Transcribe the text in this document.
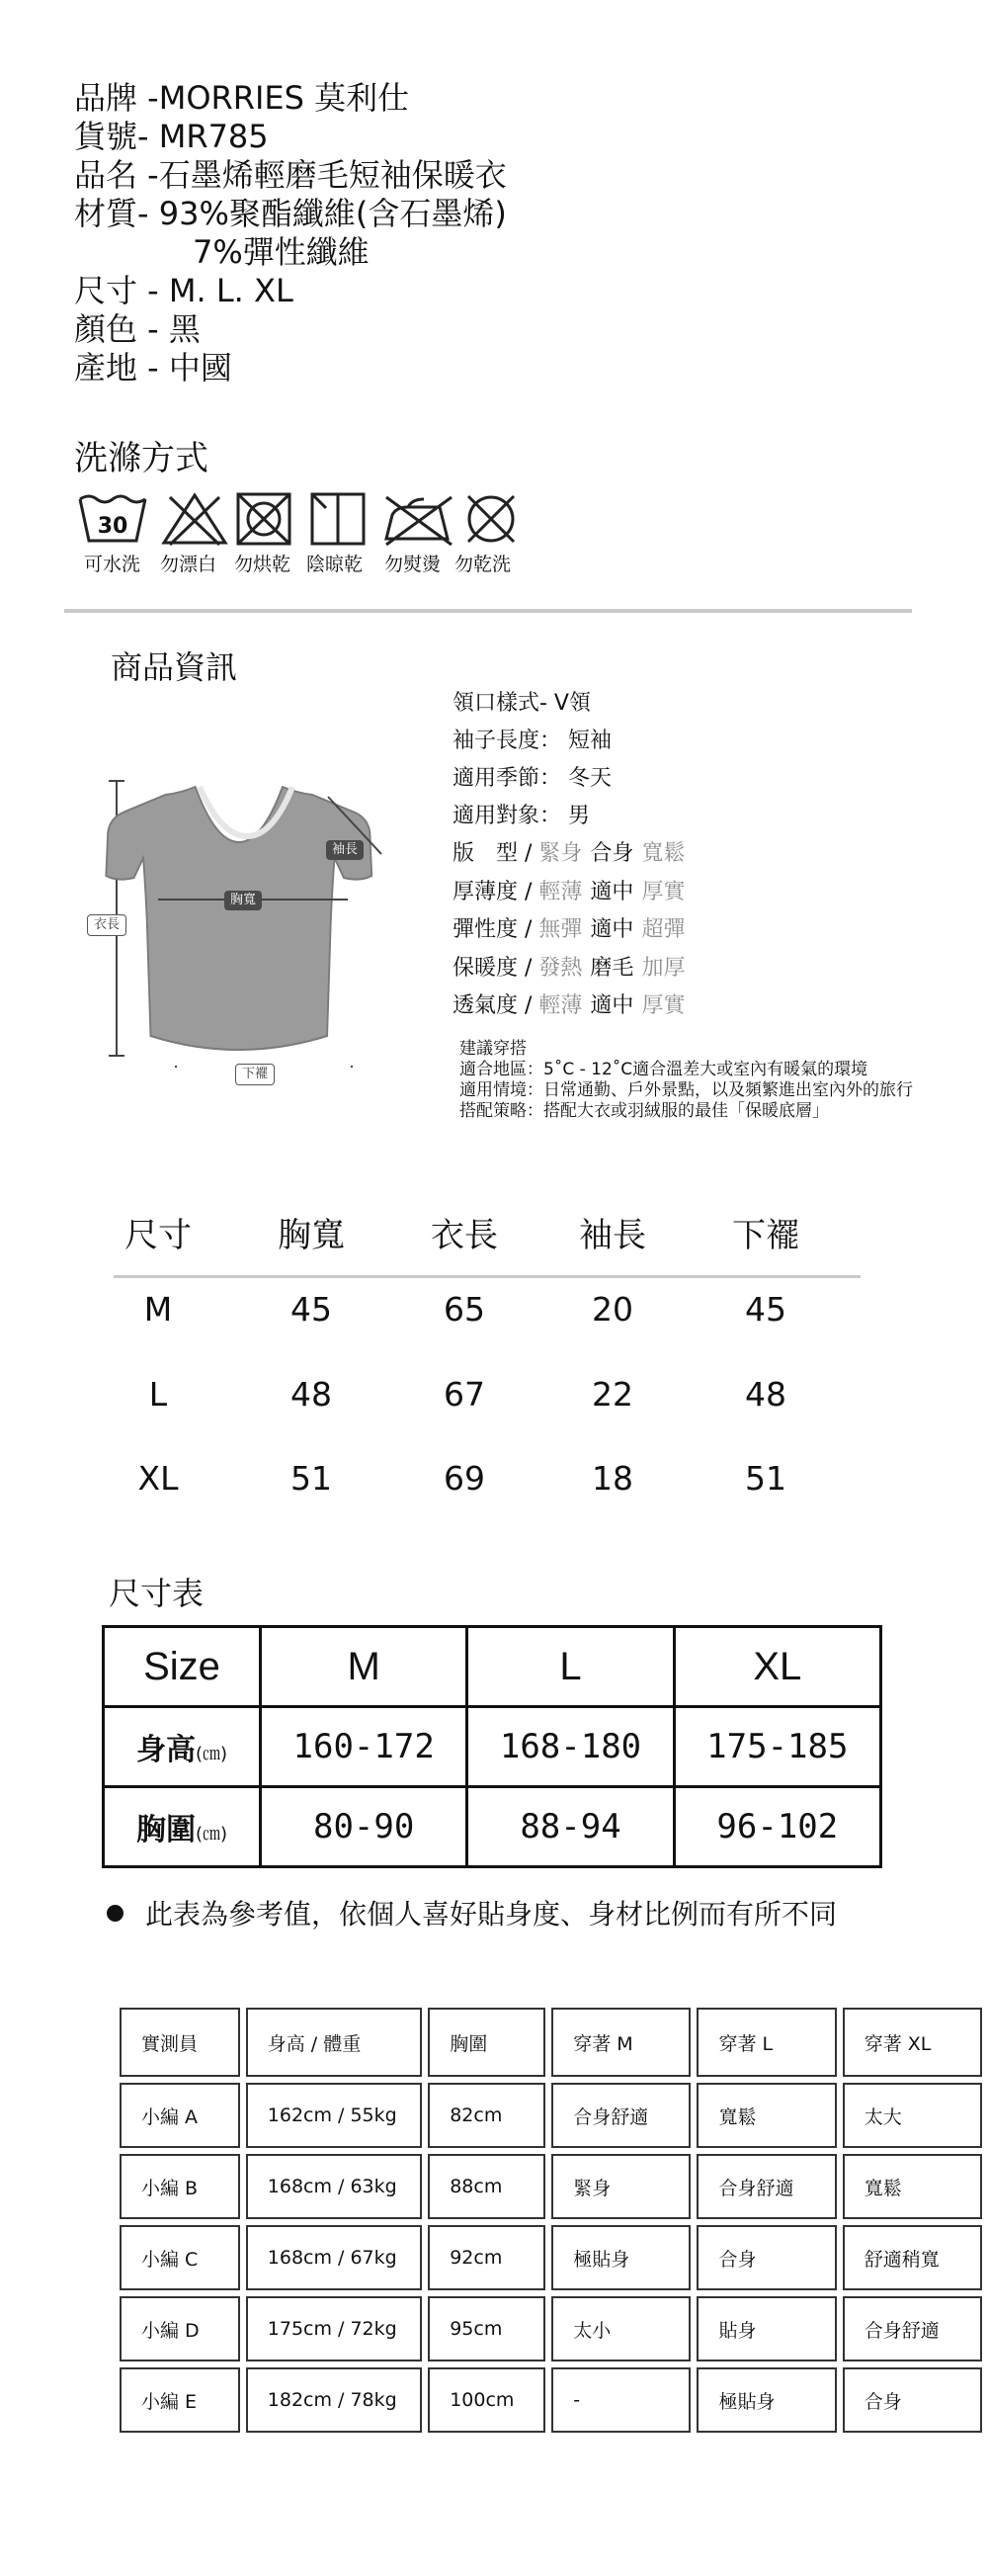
品牌 -MORRIES 莫利仕
貨號- MR785
品名 -石墨烯輕磨毛短袖保暖衣
材質- 93%聚酯纖維(含石墨烯)
7%彈性纖維
尺寸 - M. L. XL
顏色 - 黑
產地 - 中國
洗滌方式
30
可水洗 勿漂白 勿烘乾 陰晾乾 勿熨燙 勿乾洗
商品資訊
袖長
胸寬
衣長
下襬
領口樣式- V領
袖子長度： 短袖
適用季節： 冬天
適用對象： 男
版　型 / 緊身 合身 寬鬆
厚薄度 / 輕薄 適中 厚實
彈性度 / 無彈 適中 超彈
保暖度 / 發熱 磨毛 加厚
透氣度 / 輕薄 適中 厚實
建議穿搭
適合地區：5˚C - 12˚C適合溫差大或室內有暖氣的環境
適用情境：日常通勤、戶外景點，以及頻繁進出室內外的旅行
搭配策略：搭配大衣或羽絨服的最佳「保暖底層」
尺寸	胸寬	衣長	袖長	下襬
M	45	65	20	45
L	48	67	22	48
XL	51	69	18	51
尺寸表
Size	M	L	XL
身高(㎝)	160-172	168-180	175-185
胸圍(㎝)	80-90	88-94	96-102
此表為參考值，依個人喜好貼身度、身材比例而有所不同
實測員	身高 / 體重	胸圍	穿著 M	穿著 L	穿著 XL
小編 A	162cm / 55kg	82cm	合身舒適	寬鬆	太大
小編 B	168cm / 63kg	88cm	緊身	合身舒適	寬鬆
小編 C	168cm / 67kg	92cm	極貼身	合身	舒適稍寬
小編 D	175cm / 72kg	95cm	太小	貼身	合身舒適
小編 E	182cm / 78kg	100cm	-	極貼身	合身
